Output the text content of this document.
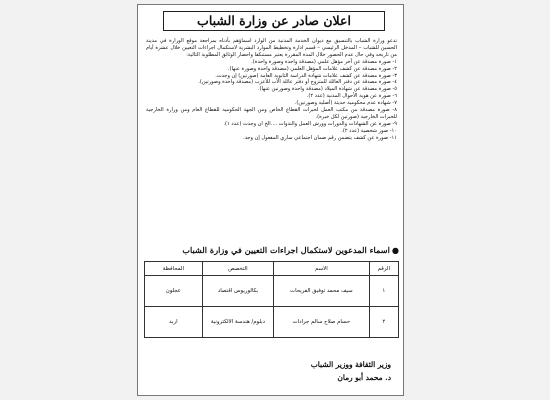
اعلان صادر عن وزارة الشباب

تدعو وزارة الشباب بالتنسيق مع ديوان الخدمة المدنية من الوارد اسماؤهم بأدناه بمراجعة موقع الوزارة في مدينة الحسين للشباب – المدخل الرئيسي – قسم ادارة وتخطيط الموارد البشرية لاستكمال اجراءات التعيين خلال عشرة أيام من تاريخه وفي حال عدم الحضور خلال المدة المقررة يعتبر مستنكفا واحضار الوثائق المطلوبة التالية:

١- صورة مصدقة عن آخر مؤهل علمي (مصدقة واحدة وصورة واحدة).

٢- صورة مصدقة عن كشف علامات المؤهل العلمي (مصدقة واحدة وصورة عنها).

٣- صورة مصدقة عن كشف علامات شهادة الدراسة الثانوية العامة (صورتين) إن وجدت.

٤- صورة مصدقة عن دفتر العائلة للمتزوج أو دفتر عائلة الأب للأعزب (مصدقة واحدة وصورتين).

٥- صورة مصدقة عن شهادة الميلاد (مصدقة واحدة وصورتين عنها).

٦- صورة عن هوية الأحوال المدنية (عدد ٢).

٧- شهادة عدم محكومية حديثة (أصلية وصورتين).

٨- صورة مصدقة من مكتب العمل لخبرات القطاع الخاص ومن الجهة الحكومية للقطاع العام ومن وزارة الخارجية للخبرات الخارجية (صورتين لكل خبرة).

٩- صورة عن الشهادات والدورات وورش العمل والندوات ....الخ ان وجدت (عدد ١).

١٠- صور شخصية (عدد ٢).

١١- صورة عن كشف يتضمن رقم ضمان اجتماعي ساري المفعول إن وجد.

●اسماء المدعوين لاستكمال اجراءات التعيين في وزارة الشباب
الرقم	الاسم	التخصص	المحافظة
١	سيف محمد توفيق الفريحات	بكالوريوس اقتصاد	عجلون
٢	حسام صلاح سالم جرادات	دبلوم/ هندسة الالكترونية	اربد
وزير الثقافة ووزير الشباب
د. محمد أبو رمان
